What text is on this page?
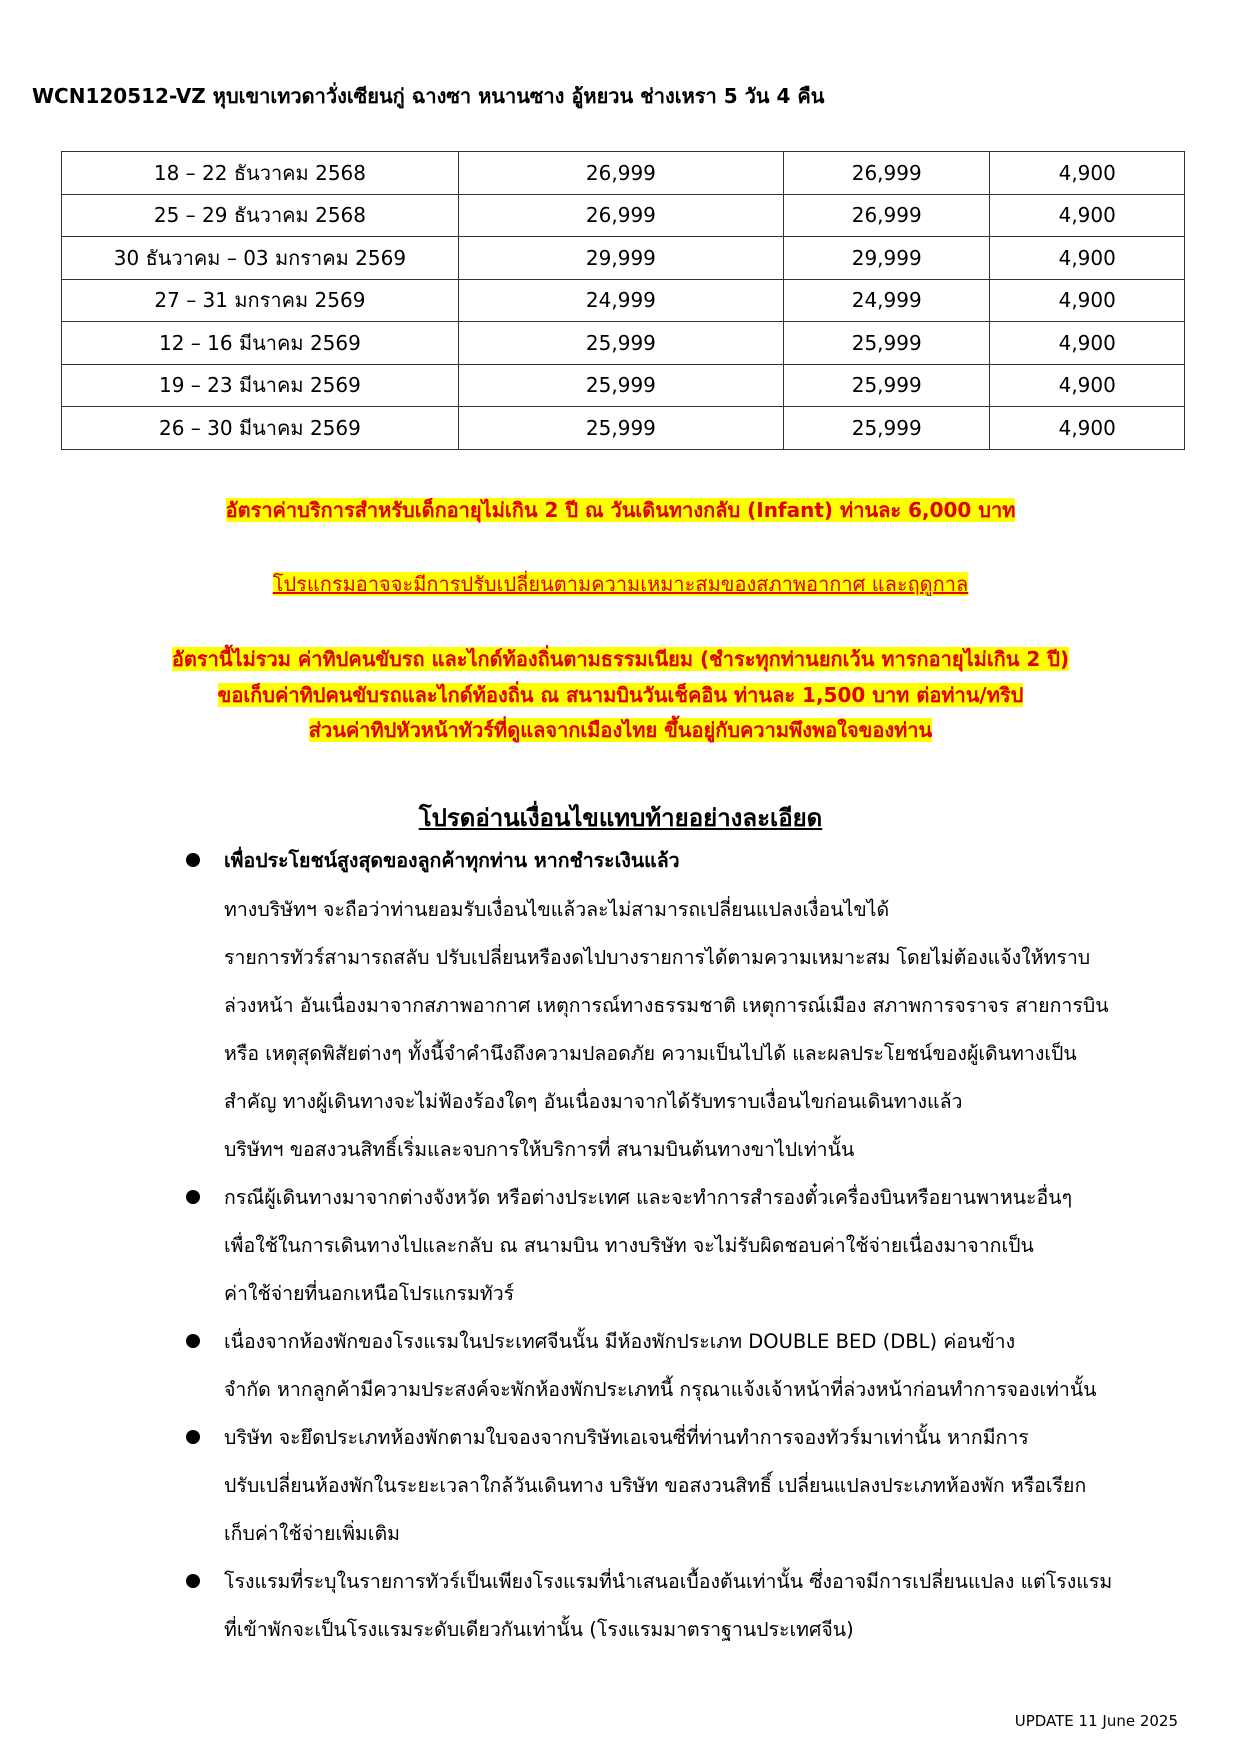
WCN120512-VZ หุบเขาเทวดาวั่งเซียนกู่ ฉางซา หนานซาง อู้หยวน ช่างเหรา 5 วัน 4 คืน
18 – 22 ธันวาคม 2568	26,999	26,999	4,900
25 – 29 ธันวาคม 2568	26,999	26,999	4,900
30 ธันวาคม – 03 มกราคม 2569	29,999	29,999	4,900
27 – 31 มกราคม 2569	24,999	24,999	4,900
12 – 16 มีนาคม 2569	25,999	25,999	4,900
19 – 23 มีนาคม 2569	25,999	25,999	4,900
26 – 30 มีนาคม 2569	25,999	25,999	4,900
อัตราค่าบริการสำหรับเด็กอายุไม่เกิน 2 ปี ณ วันเดินทางกลับ (Infant) ท่านละ 6,000 บาท
โปรแกรมอาจจะมีการปรับเปลี่ยนตามความเหมาะสมของสภาพอากาศ และฤดูกาล
อัตรานี้ไม่รวม ค่าทิปคนขับรถ และไกด์ท้องถิ่นตามธรรมเนียม (ชำระทุกท่านยกเว้น ทารกอายุไม่เกิน 2 ปี)
ขอเก็บค่าทิปคนขับรถและไกด์ท้องถิ่น ณ สนามบินวันเช็คอิน ท่านละ 1,500 บาท ต่อท่าน/ทริป
ส่วนค่าทิปหัวหน้าทัวร์ที่ดูแลจากเมืองไทย ขึ้นอยู่กับความพึงพอใจของท่าน
โปรดอ่านเงื่อนไขแทบท้ายอย่างละเอียด
เพื่อประโยชน์สูงสุดของลูกค้าทุกท่าน หากชำระเงินแล้ว
ทางบริษัทฯ จะถือว่าท่านยอมรับเงื่อนไขแล้วละไม่สามารถเปลี่ยนแปลงเงื่อนไขได้
รายการทัวร์สามารถสลับ ปรับเปลี่ยนหรืองดไปบางรายการได้ตามความเหมาะสม โดยไม่ต้องแจ้งให้ทราบ
ล่วงหน้า อันเนื่องมาจากสภาพอากาศ เหตุการณ์ทางธรรมชาติ เหตุการณ์เมือง สภาพการจราจร สายการบิน
หรือ เหตุสุดพิสัยต่างๆ ทั้งนี้จำคำนึงถึงความปลอดภัย ความเป็นไปได้ และผลประโยชน์ของผู้เดินทางเป็น
สำคัญ ทางผู้เดินทางจะไม่ฟ้องร้องใดๆ อันเนื่องมาจากได้รับทราบเงื่อนไขก่อนเดินทางแล้ว
บริษัทฯ ขอสงวนสิทธิ์เริ่มและจบการให้บริการที่ สนามบินต้นทางขาไปเท่านั้น
กรณีผู้เดินทางมาจากต่างจังหวัด หรือต่างประเทศ และจะทำการสำรองตั๋วเครื่องบินหรือยานพาหนะอื่นๆ
เพื่อใช้ในการเดินทางไปและกลับ ณ สนามบิน ทางบริษัท จะไม่รับผิดชอบค่าใช้จ่ายเนื่องมาจากเป็น
ค่าใช้จ่ายที่นอกเหนือโปรแกรมทัวร์
เนื่องจากห้องพักของโรงแรมในประเทศจีนนั้น มีห้องพักประเภท DOUBLE BED (DBL) ค่อนข้าง
จำกัด หากลูกค้ามีความประสงค์จะพักห้องพักประเภทนี้ กรุณาแจ้งเจ้าหน้าที่ล่วงหน้าก่อนทำการจองเท่านั้น
บริษัท จะยึดประเภทห้องพักตามใบจองจากบริษัทเอเจนซี่ที่ท่านทำการจองทัวร์มาเท่านั้น หากมีการ
ปรับเปลี่ยนห้องพักในระยะเวลาใกล้วันเดินทาง บริษัท ขอสงวนสิทธิ์ เปลี่ยนแปลงประเภทห้องพัก หรือเรียก
เก็บค่าใช้จ่ายเพิ่มเติม
โรงแรมที่ระบุในรายการทัวร์เป็นเพียงโรงแรมที่นำเสนอเบื้องต้นเท่านั้น ซึ่งอาจมีการเปลี่ยนแปลง แต่โรงแรม
ที่เข้าพักจะเป็นโรงแรมระดับเดียวกันเท่านั้น (โรงแรมมาตราฐานประเทศจีน)
UPDATE 11 June 2025
